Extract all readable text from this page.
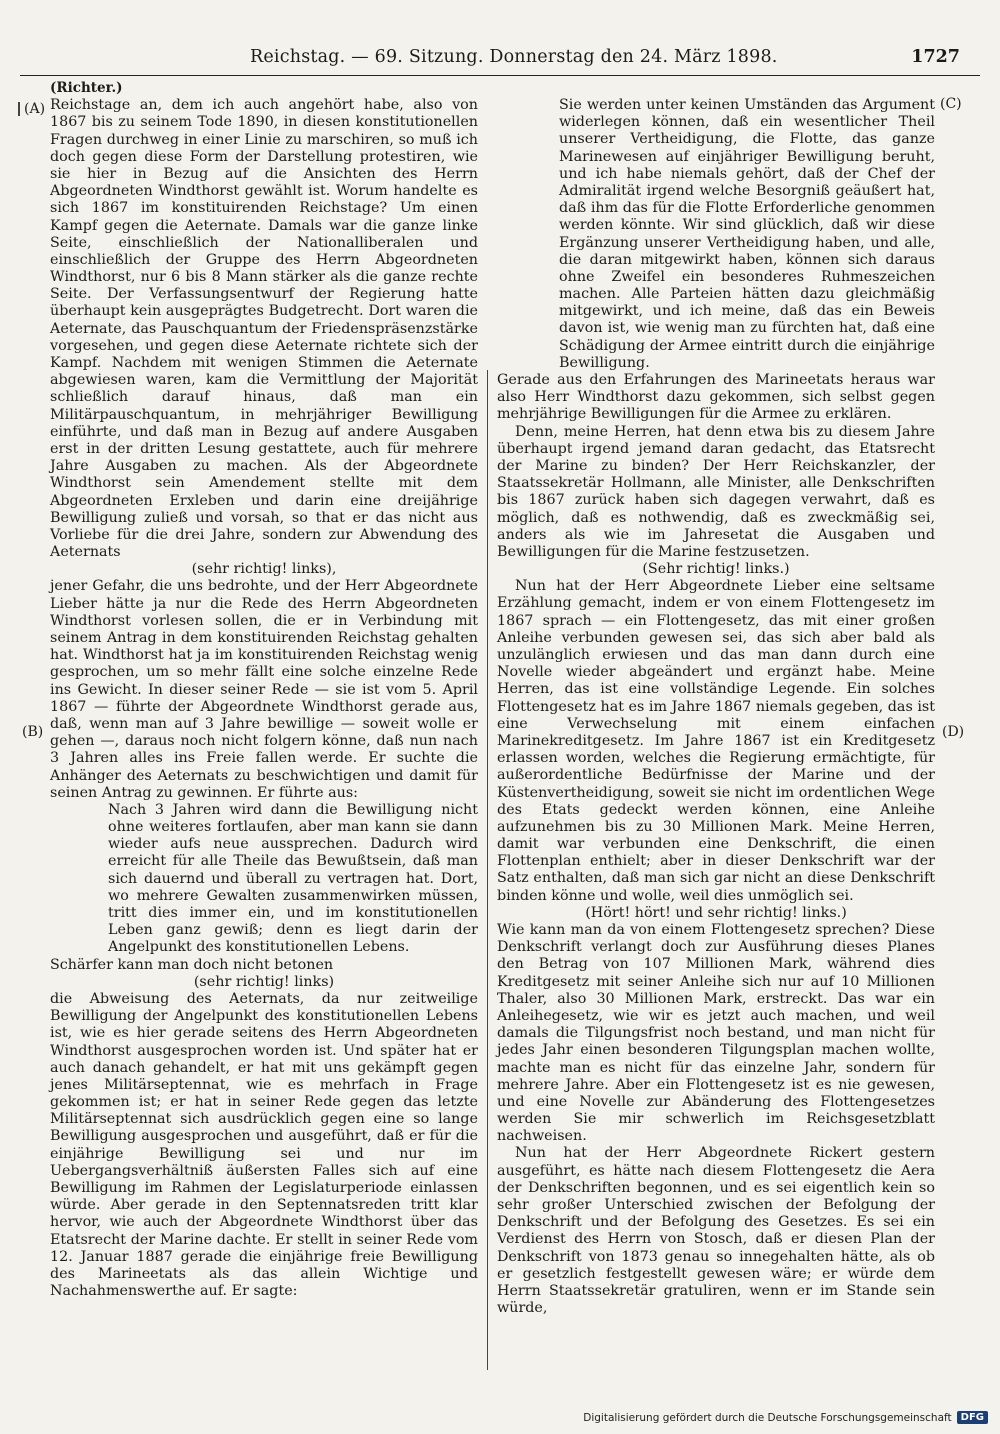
Reichstag. — 69. Sitzung. Donnerstag den 24. März 1898.	1727
(A)
(B)
(C)
(D)

(Richter.)

Reichstage an, dem ich auch angehört habe, also von 1867 bis zu seinem Tode 1890, in diesen konstitutionellen Fragen durchweg in einer Linie zu marschiren, so muß ich doch gegen diese Form der Darstellung protestiren, wie sie hier in Bezug auf die Ansichten des Herrn Abgeordneten Windthorst gewählt ist. Worum handelte es sich 1867 im konstituirenden Reichstage? Um einen Kampf gegen die Aeternate. Damals war die ganze linke Seite, einschließlich der Nationalliberalen und einschließlich der Gruppe des Herrn Abgeordneten Windthorst, nur 6 bis 8 Mann stärker als die ganze rechte Seite. Der Verfassungsentwurf der Regierung hatte überhaupt kein ausgeprägtes Budgetrecht. Dort waren die Aeternate, das Pauschquantum der Friedenspräsenzstärke vorgesehen, und gegen diese Aeternate richtete sich der Kampf. Nachdem mit wenigen Stimmen die Aeternate abgewiesen waren, kam die Vermittlung der Majorität schließlich darauf hinaus, daß man ein Militärpauschquantum, in mehrjähriger Bewilligung einführte, und daß man in Bezug auf andere Ausgaben erst in der dritten Lesung gestattete, auch für mehrere Jahre Ausgaben zu machen. Als der Abgeordnete Windthorst sein Amendement stellte mit dem Abgeordneten Erxleben und darin eine dreijährige Bewilligung zuließ und vorsah, so that er das nicht aus Vorliebe für die drei Jahre, sondern zur Abwendung des Aeternats

(sehr richtig! links),

jener Gefahr, die uns bedrohte, und der Herr Abgeordnete Lieber hätte ja nur die Rede des Herrn Abgeordneten Windthorst vorlesen sollen, die er in Verbindung mit seinem Antrag in dem konstituirenden Reichstag gehalten hat. Windthorst hat ja im konstituirenden Reichstag wenig gesprochen, um so mehr fällt eine solche einzelne Rede ins Gewicht. In dieser seiner Rede — sie ist vom 5. April 1867 — führte der Abgeordnete Windthorst gerade aus, daß, wenn man auf 3 Jahre bewillige — soweit wolle er gehen —, daraus noch nicht folgern könne, daß nun nach 3 Jahren alles ins Freie fallen werde. Er suchte die Anhänger des Aeternats zu beschwichtigen und damit für seinen Antrag zu gewinnen. Er führte aus:

Nach 3 Jahren wird dann die Bewilligung nicht ohne weiteres fortlaufen, aber man kann sie dann wieder aufs neue aussprechen. Dadurch wird erreicht für alle Theile das Bewußtsein, daß man sich dauernd und überall zu vertragen hat. Dort, wo mehrere Gewalten zusammenwirken müssen, tritt dies immer ein, und im konstitutionellen Leben ganz gewiß; denn es liegt darin der Angelpunkt des konstitutionellen Lebens.

Schärfer kann man doch nicht betonen

(sehr richtig! links)

die Abweisung des Aeternats, da nur zeitweilige Bewilligung der Angelpunkt des konstitutionellen Lebens ist, wie es hier gerade seitens des Herrn Abgeordneten Windthorst ausgesprochen worden ist. Und später hat er auch danach gehandelt, er hat mit uns gekämpft gegen jenes Militärseptennat, wie es mehrfach in Frage gekommen ist; er hat in seiner Rede gegen das letzte Militärseptennat sich ausdrücklich gegen eine so lange Bewilligung ausgesprochen und ausgeführt, daß er für die einjährige Bewilligung sei und nur im Uebergangsverhältniß äußersten Falles sich auf eine Bewilligung im Rahmen der Legislaturperiode einlassen würde. Aber gerade in den Septennatsreden tritt klar hervor, wie auch der Abgeordnete Windthorst über das Etatsrecht der Marine dachte. Er stellt in seiner Rede vom 12. Januar 1887 gerade die einjährige freie Bewilligung des Marineetats als das allein Wichtige und Nachahmenswerthe auf. Er sagte:

Sie werden unter keinen Umständen das Argument widerlegen können, daß ein wesentlicher Theil unserer Vertheidigung, die Flotte, das ganze Marinewesen auf einjähriger Bewilligung beruht, und ich habe niemals gehört, daß der Chef der Admiralität irgend welche Besorgniß geäußert hat, daß ihm das für die Flotte Erforderliche genommen werden könnte. Wir sind glücklich, daß wir diese Ergänzung unserer Vertheidigung haben, und alle, die daran mitgewirkt haben, können sich daraus ohne Zweifel ein besonderes Ruhmeszeichen machen. Alle Parteien hätten dazu gleichmäßig mitgewirkt, und ich meine, daß das ein Beweis davon ist, wie wenig man zu fürchten hat, daß eine Schädigung der Armee eintritt durch die einjährige Bewilligung.

Gerade aus den Erfahrungen des Marineetats heraus war also Herr Windthorst dazu gekommen, sich selbst gegen mehrjährige Bewilligungen für die Armee zu erklären.

Denn, meine Herren, hat denn etwa bis zu diesem Jahre überhaupt irgend jemand daran gedacht, das Etatsrecht der Marine zu binden? Der Herr Reichskanzler, der Staatssekretär Hollmann, alle Minister, alle Denkschriften bis 1867 zurück haben sich dagegen verwahrt, daß es möglich, daß es nothwendig, daß es zweckmäßig sei, anders als wie im Jahresetat die Ausgaben und Bewilligungen für die Marine festzusetzen.

(Sehr richtig! links.)

Nun hat der Herr Abgeordnete Lieber eine seltsame Erzählung gemacht, indem er von einem Flottengesetz im 1867 sprach — ein Flottengesetz, das mit einer großen Anleihe verbunden gewesen sei, das sich aber bald als unzulänglich erwiesen und das man dann durch eine Novelle wieder abgeändert und ergänzt habe. Meine Herren, das ist eine vollständige Legende. Ein solches Flottengesetz hat es im Jahre 1867 niemals gegeben, das ist eine Verwechselung mit einem einfachen Marinekreditgesetz. Im Jahre 1867 ist ein Kreditgesetz erlassen worden, welches die Regierung ermächtigte, für außerordentliche Bedürfnisse der Marine und der Küstenvertheidigung, soweit sie nicht im ordentlichen Wege des Etats gedeckt werden können, eine Anleihe aufzunehmen bis zu 30 Millionen Mark. Meine Herren, damit war verbunden eine Denkschrift, die einen Flottenplan enthielt; aber in dieser Denkschrift war der Satz enthalten, daß man sich gar nicht an diese Denkschrift binden könne und wolle, weil dies unmöglich sei.

(Hört! hört! und sehr richtig! links.)

Wie kann man da von einem Flottengesetz sprechen? Diese Denkschrift verlangt doch zur Ausführung dieses Planes den Betrag von 107 Millionen Mark, während dies Kreditgesetz mit seiner Anleihe sich nur auf 10 Millionen Thaler, also 30 Millionen Mark, erstreckt. Das war ein Anleihegesetz, wie wir es jetzt auch machen, und weil damals die Tilgungsfrist noch bestand, und man nicht für jedes Jahr einen besonderen Tilgungsplan machen wollte, machte man es nicht für das einzelne Jahr, sondern für mehrere Jahre. Aber ein Flottengesetz ist es nie gewesen, und eine Novelle zur Abänderung des Flottengesetzes werden Sie mir schwerlich im Reichsgesetzblatt nachweisen.

Nun hat der Herr Abgeordnete Rickert gestern ausgeführt, es hätte nach diesem Flottengesetz die Aera der Denkschriften begonnen, und es sei eigentlich kein so sehr großer Unterschied zwischen der Befolgung der Denkschrift und der Befolgung des Gesetzes. Es sei ein Verdienst des Herrn von Stosch, daß er diesen Plan der Denkschrift von 1873 genau so innegehalten hätte, als ob er gesetzlich festgestellt gewesen wäre; er würde dem Herrn Staatssekretär gratuliren, wenn er im Stande sein würde,

Digitalisierung gefördert durch die Deutsche Forschungsgemeinschaft DFG
